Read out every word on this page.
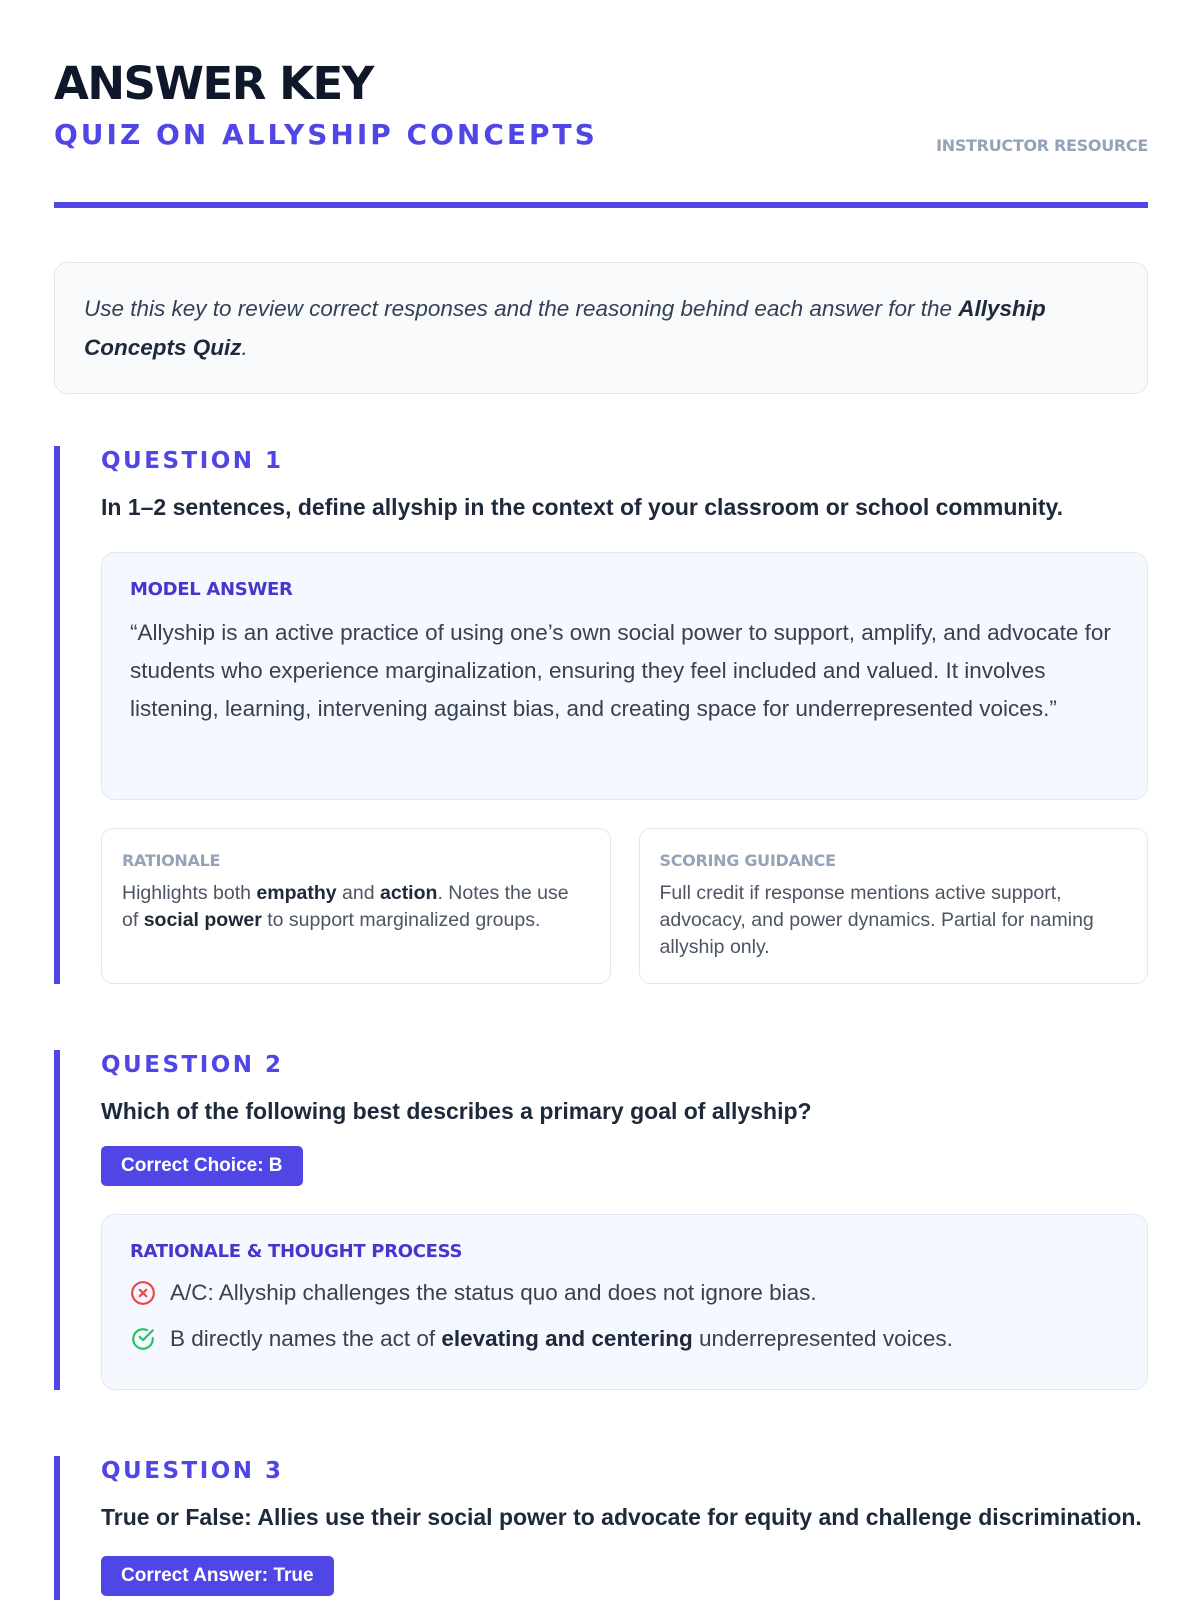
ANSWER KEY
QUIZ ON ALLYSHIP CONCEPTS	INSTRUCTOR RESOURCE
Use this key to review correct responses and the reasoning behind each answer for the Allyship Concepts Quiz.
QUESTION 1
In 1–2 sentences, define allyship in the context of your classroom or school community.
MODEL ANSWER
“Allyship is an active practice of using one’s own social power to support, amplify, and advocate for students who experience marginalization, ensuring they feel included and valued. It involves listening, learning, intervening against bias, and creating space for underrepresented voices.”
RATIONALE
Highlights both empathy and action. Notes the use of social power to support marginalized groups.
SCORING GUIDANCE
Full credit if response mentions active support, advocacy, and power dynamics. Partial for naming allyship only.
QUESTION 2
Which of the following best describes a primary goal of allyship?
Correct Choice: B
RATIONALE & THOUGHT PROCESS
A/C: Allyship challenges the status quo and does not ignore bias.
B directly names the act of elevating and centering underrepresented voices.
QUESTION 3
True or False: Allies use their social power to advocate for equity and challenge discrimination.
Correct Answer: True
